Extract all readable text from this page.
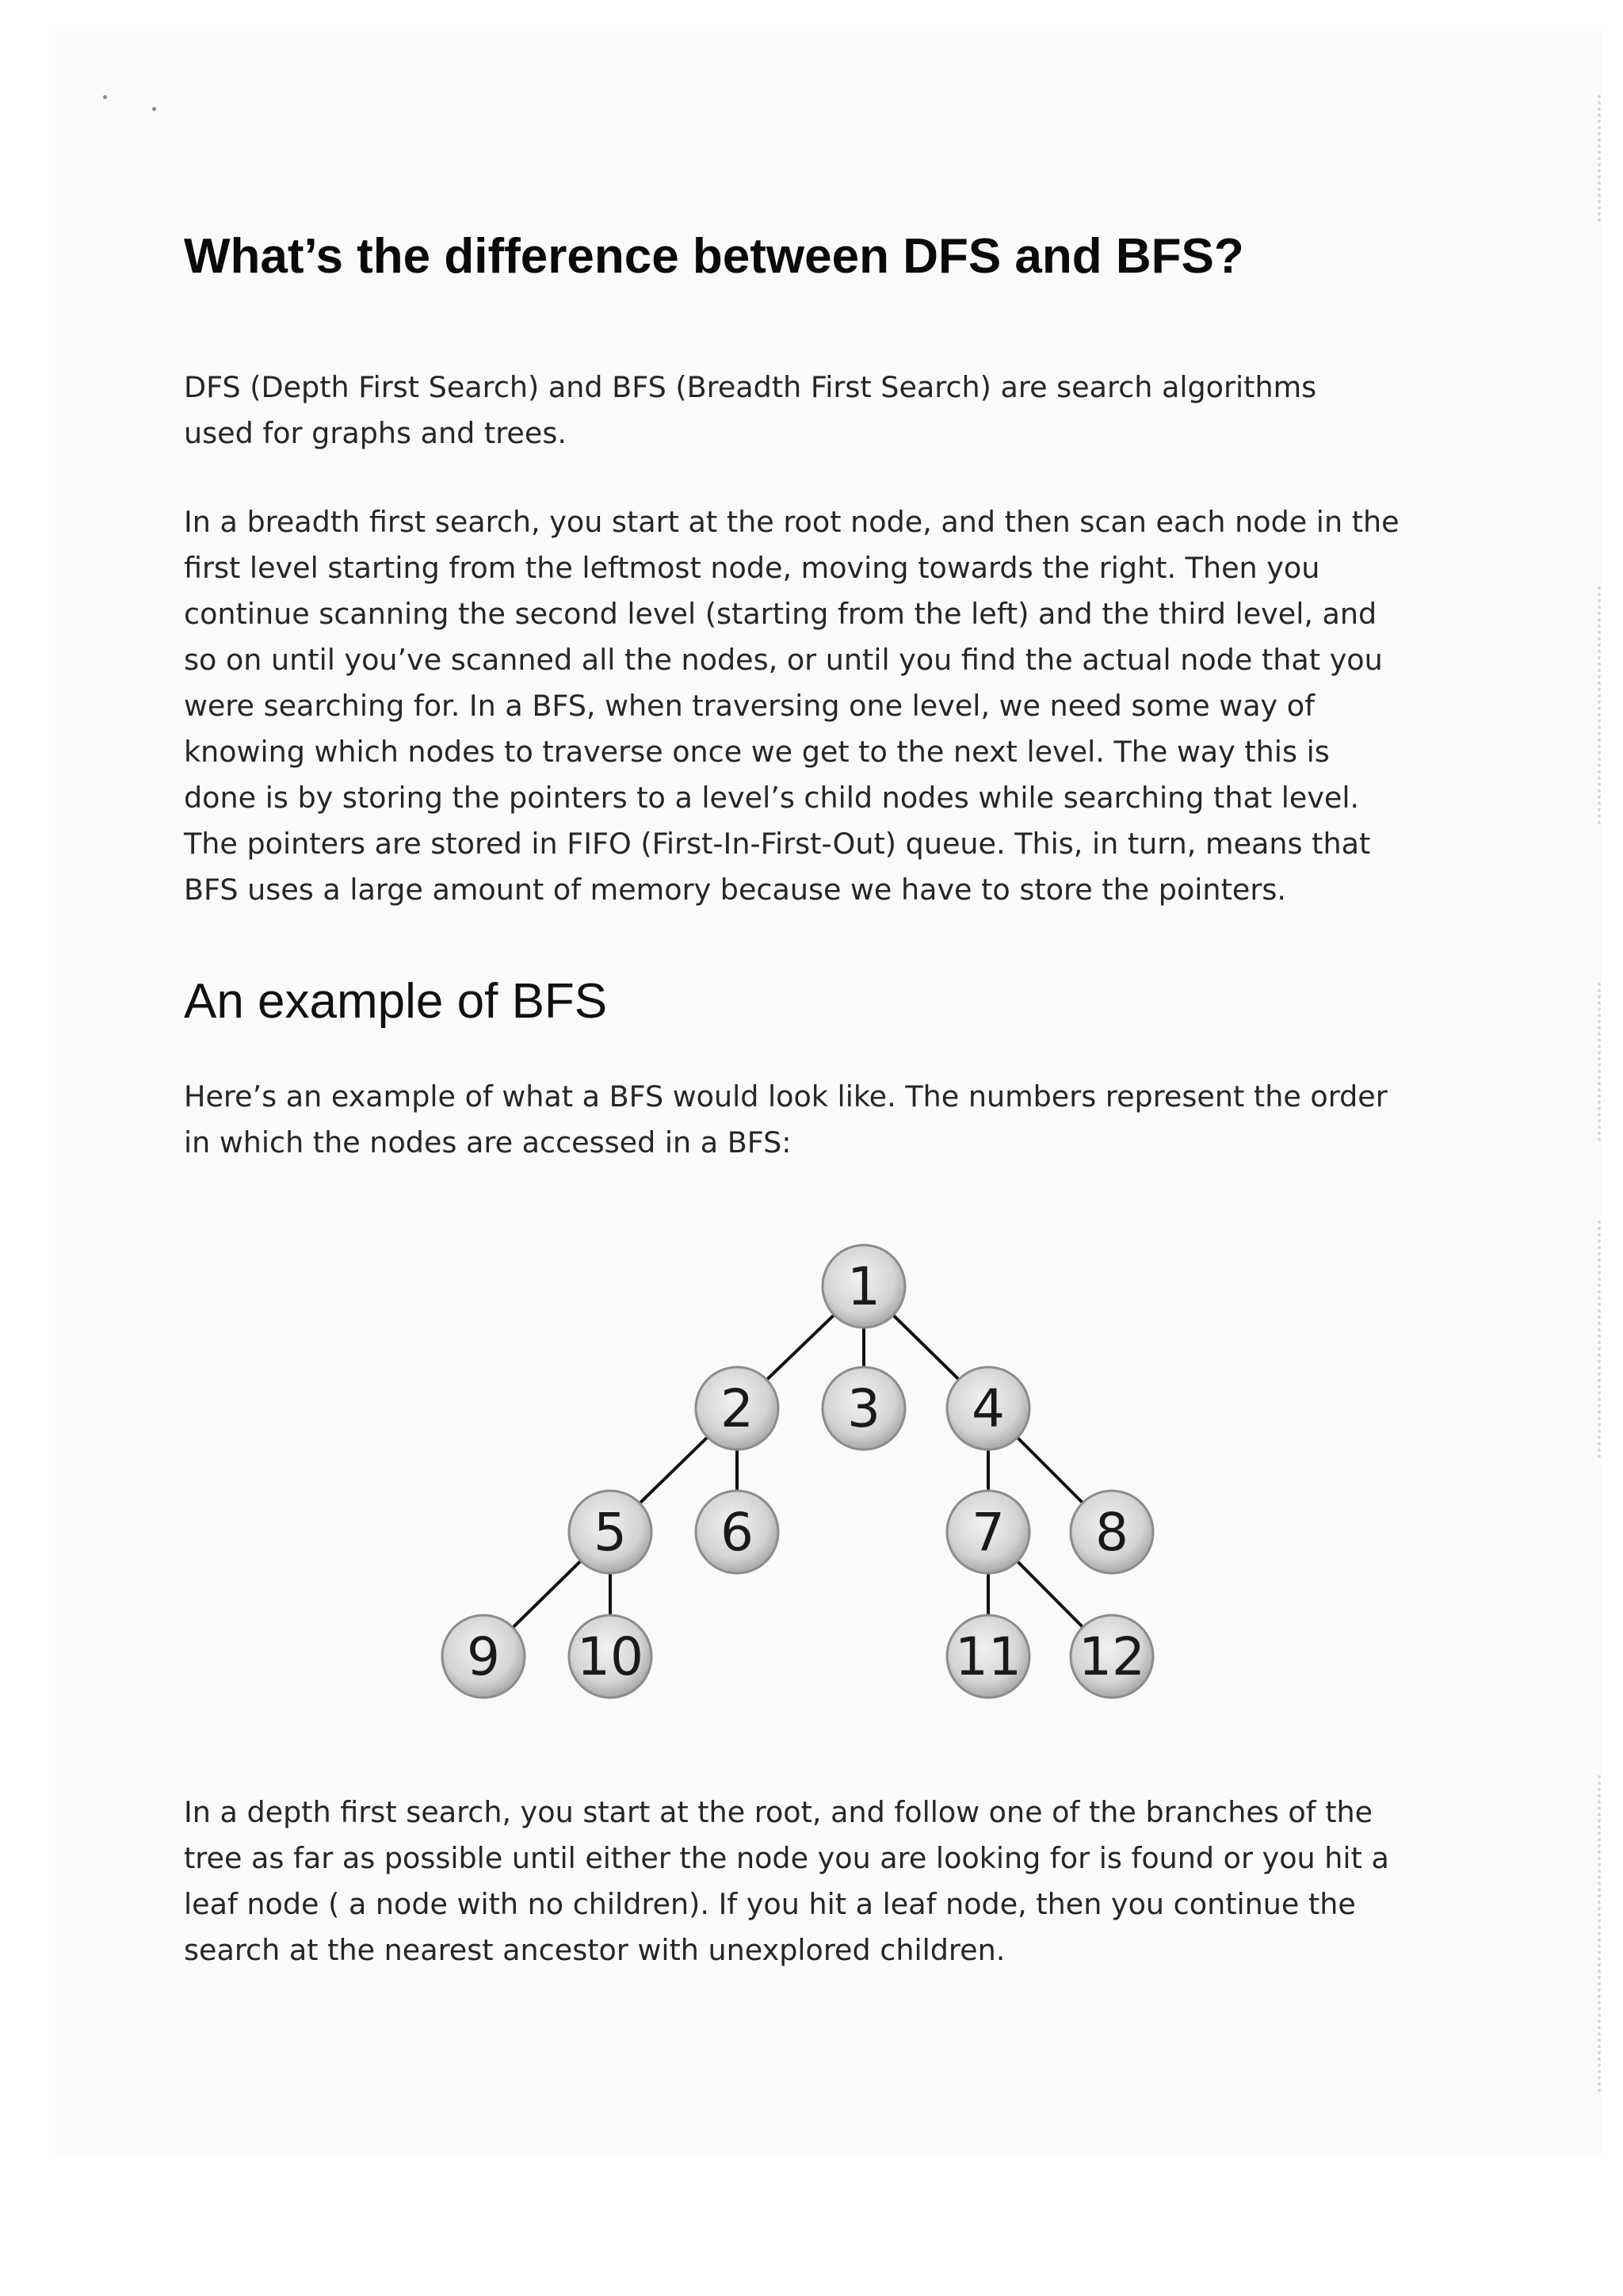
What’s the difference between DFS and BFS?

DFS (Depth First Search) and BFS (Breadth First Search) are search algorithms
used for graphs and trees.

In a breadth first search, you start at the root node, and then scan each node in the
first level starting from the leftmost node, moving towards the right. Then you
continue scanning the second level (starting from the left) and the third level, and
so on until you’ve scanned all the nodes, or until you find the actual node that you
were searching for. In a BFS, when traversing one level, we need some way of
knowing which nodes to traverse once we get to the next level. The way this is
done is by storing the pointers to a level’s child nodes while searching that level.
The pointers are stored in FIFO (First-In-First-Out) queue. This, in turn, means that
BFS uses a large amount of memory because we have to store the pointers.

An example of BFS

Here’s an example of what a BFS would look like. The numbers represent the order
in which the nodes are accessed in a BFS:

In a depth first search, you start at the root, and follow one of the branches of the
tree as far as possible until either the node you are looking for is found or you hit a
leaf node ( a node with no children). If you hit a leaf node, then you continue the
search at the nearest ancestor with unexplored children.

1
2 3 4
5 6	7 8
9 10	11 12
